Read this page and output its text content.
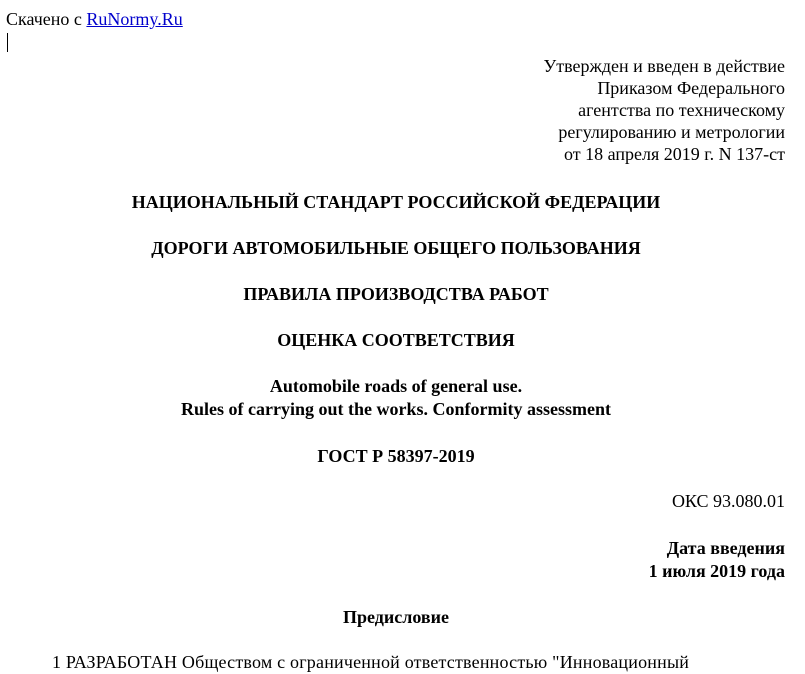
Скачено с RuNormy.Ru
Утвержден и введен в действие
Приказом Федерального
агентства по техническому
регулированию и метрологии
от 18 апреля 2019 г. N 137-ст
НАЦИОНАЛЬНЫЙ СТАНДАРТ РОССИЙСКОЙ ФЕДЕРАЦИИ
ДОРОГИ АВТОМОБИЛЬНЫЕ ОБЩЕГО ПОЛЬЗОВАНИЯ
ПРАВИЛА ПРОИЗВОДСТВА РАБОТ
ОЦЕНКА СООТВЕТСТВИЯ
Automobile roads of general use.
Rules of carrying out the works. Conformity assessment
ГОСТ Р 58397-2019
ОКС 93.080.01
Дата введения
1 июля 2019 года
Предисловие
1 РАЗРАБОТАН Обществом с ограниченной ответственностью "Инновационный
